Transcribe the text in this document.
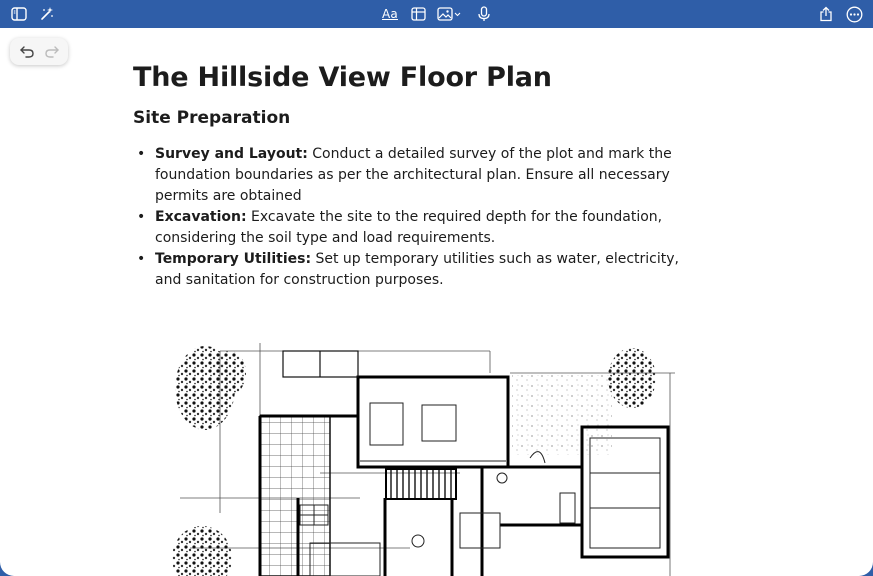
Aa
The Hillside View Floor Plan
Site Preparation
• Survey and Layout: Conduct a detailed survey of the plot and mark the foundation boundaries as per the architectural plan. Ensure all necessary permits are obtained
• Excavation: Excavate the site to the required depth for the foundation, considering the soil type and load requirements.
• Temporary Utilities: Set up temporary utilities such as water, electricity, and sanitation for construction purposes.
